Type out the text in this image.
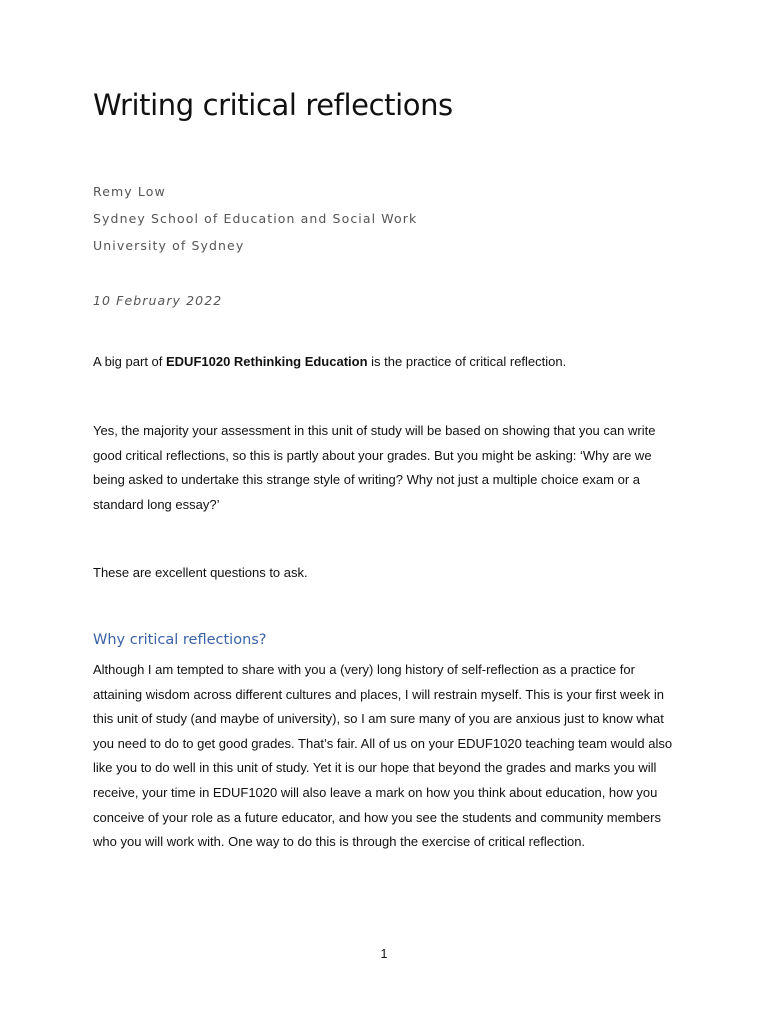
Writing critical reflections
Remy Low
Sydney School of Education and Social Work
University of Sydney
10 February 2022

A big part of EDUF1020 Rethinking Education is the practice of critical reflection.

Yes, the majority your assessment in this unit of study will be based on showing that you can write
good critical reflections, so this is partly about your grades. But you might be asking: ‘Why are we
being asked to undertake this strange style of writing? Why not just a multiple choice exam or a
standard long essay?’

These are excellent questions to ask.

Why critical reflections?

Although I am tempted to share with you a (very) long history of self-reflection as a practice for
attaining wisdom across different cultures and places, I will restrain myself. This is your first week in
this unit of study (and maybe of university), so I am sure many of you are anxious just to know what
you need to do to get good grades. That’s fair. All of us on your EDUF1020 teaching team would also
like you to do well in this unit of study. Yet it is our hope that beyond the grades and marks you will
receive, your time in EDUF1020 will also leave a mark on how you think about education, how you
conceive of your role as a future educator, and how you see the students and community members
who you will work with. One way to do this is through the exercise of critical reflection.

1
